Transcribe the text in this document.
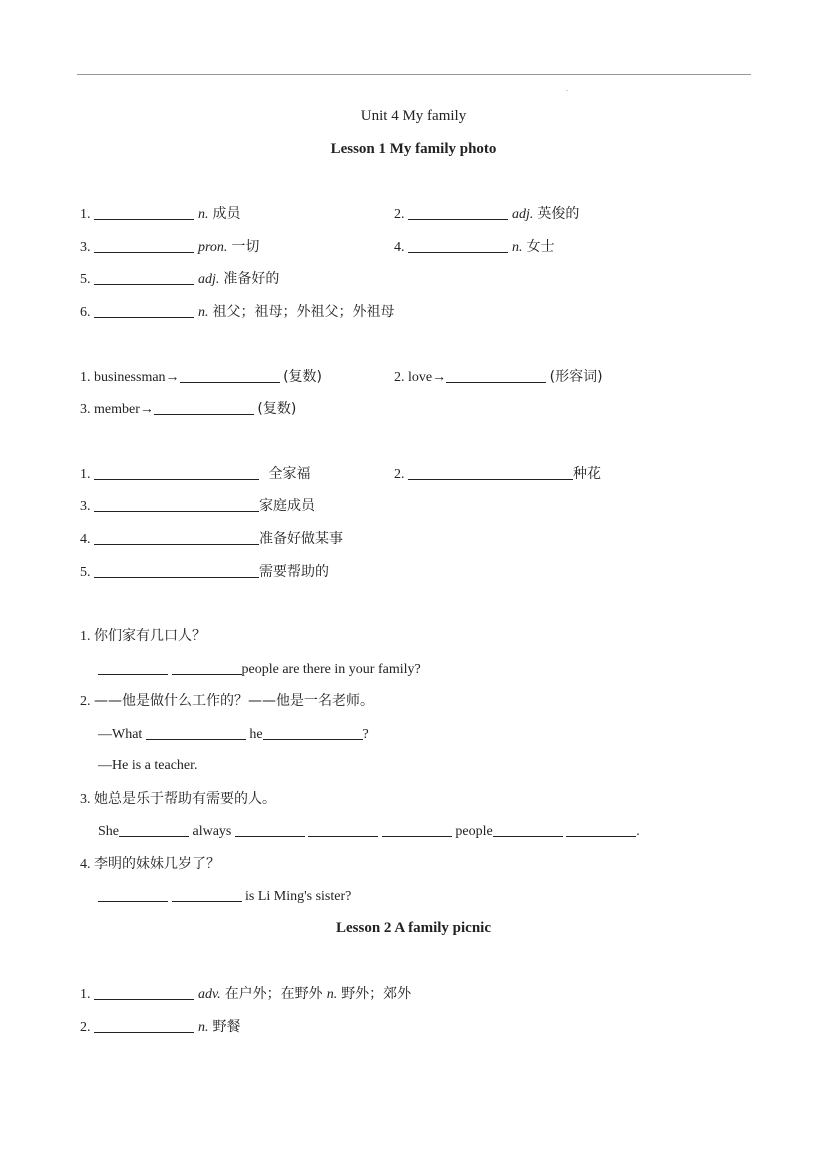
.
Unit 4 My family
Lesson 1 My family photo
1.	n. 成员	2.	adj. 英俊的
3.	pron. 一切	4.	n. 女士
5.	adj. 准备好的
6.	n. 祖父；祖母；外祖父；外祖母
1. businessman→	(复数)	2. love→	(形容词)
3. member→	(复数)
1.	全家福	2.	种花
3.	家庭成员
4.	准备好做某事
5.	需要帮助的
1. 你们家有几口人？
people are there in your family?
2. ——他是做什么工作的？——他是一名老师。
—What	he	?
—He is a teacher.
3. 她总是乐于帮助有需要的人。
She	always	people	.
4. 李明的妹妹几岁了？
is Li Ming's sister?
Lesson 2 A family picnic
1.	adv. 在户外；在野外 n. 野外；郊外
2.	n. 野餐
